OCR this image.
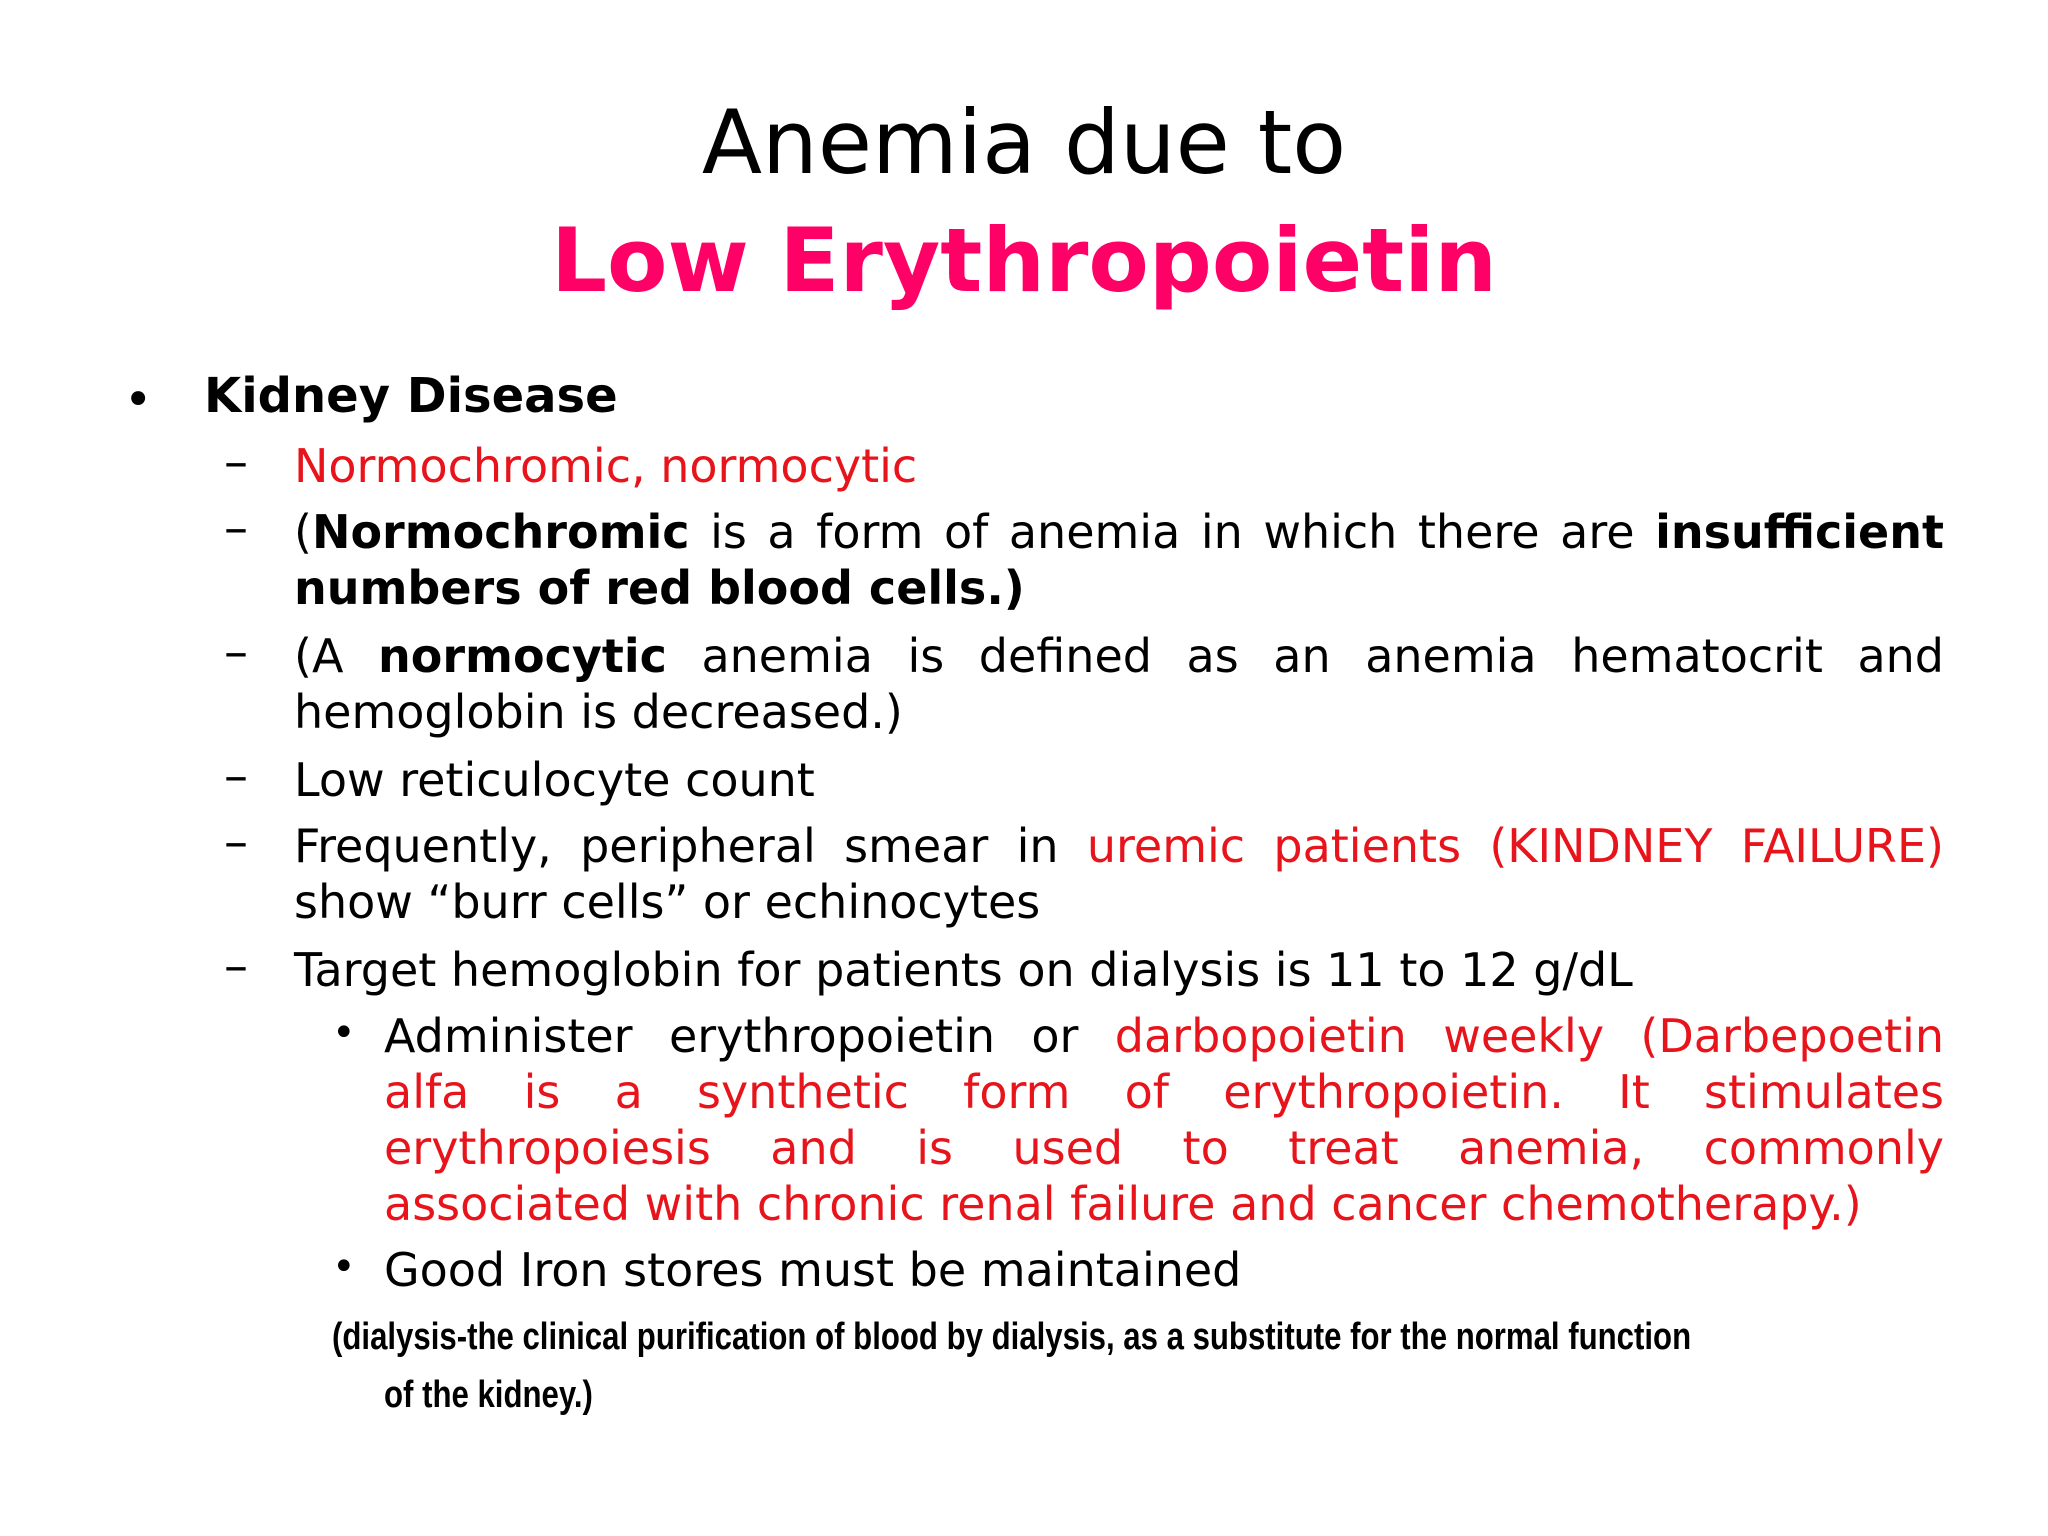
Anemia due to
Low Erythropoietin
• Kidney Disease
– Normochromic, normocytic
– (Normochromic is a form of anemia in which there are insufficient
numbers of red blood cells.)
– (A normocytic anemia is defined as an anemia hematocrit and
hemoglobin is decreased.)
– Low reticulocyte count
– Frequently, peripheral smear in uremic patients (KINDNEY FAILURE)
show “burr cells” or echinocytes
– Target hemoglobin for patients on dialysis is 11 to 12 g/dL
• Administer erythropoietin or darbopoietin weekly (Darbepoetin
alfa is a synthetic form of erythropoietin. It stimulates
erythropoiesis and is used to treat anemia, commonly
associated with chronic renal failure and cancer chemotherapy.)
• Good Iron stores must be maintained
(dialysis-the clinical purification of blood by dialysis, as a substitute for the normal function
of the kidney.)
